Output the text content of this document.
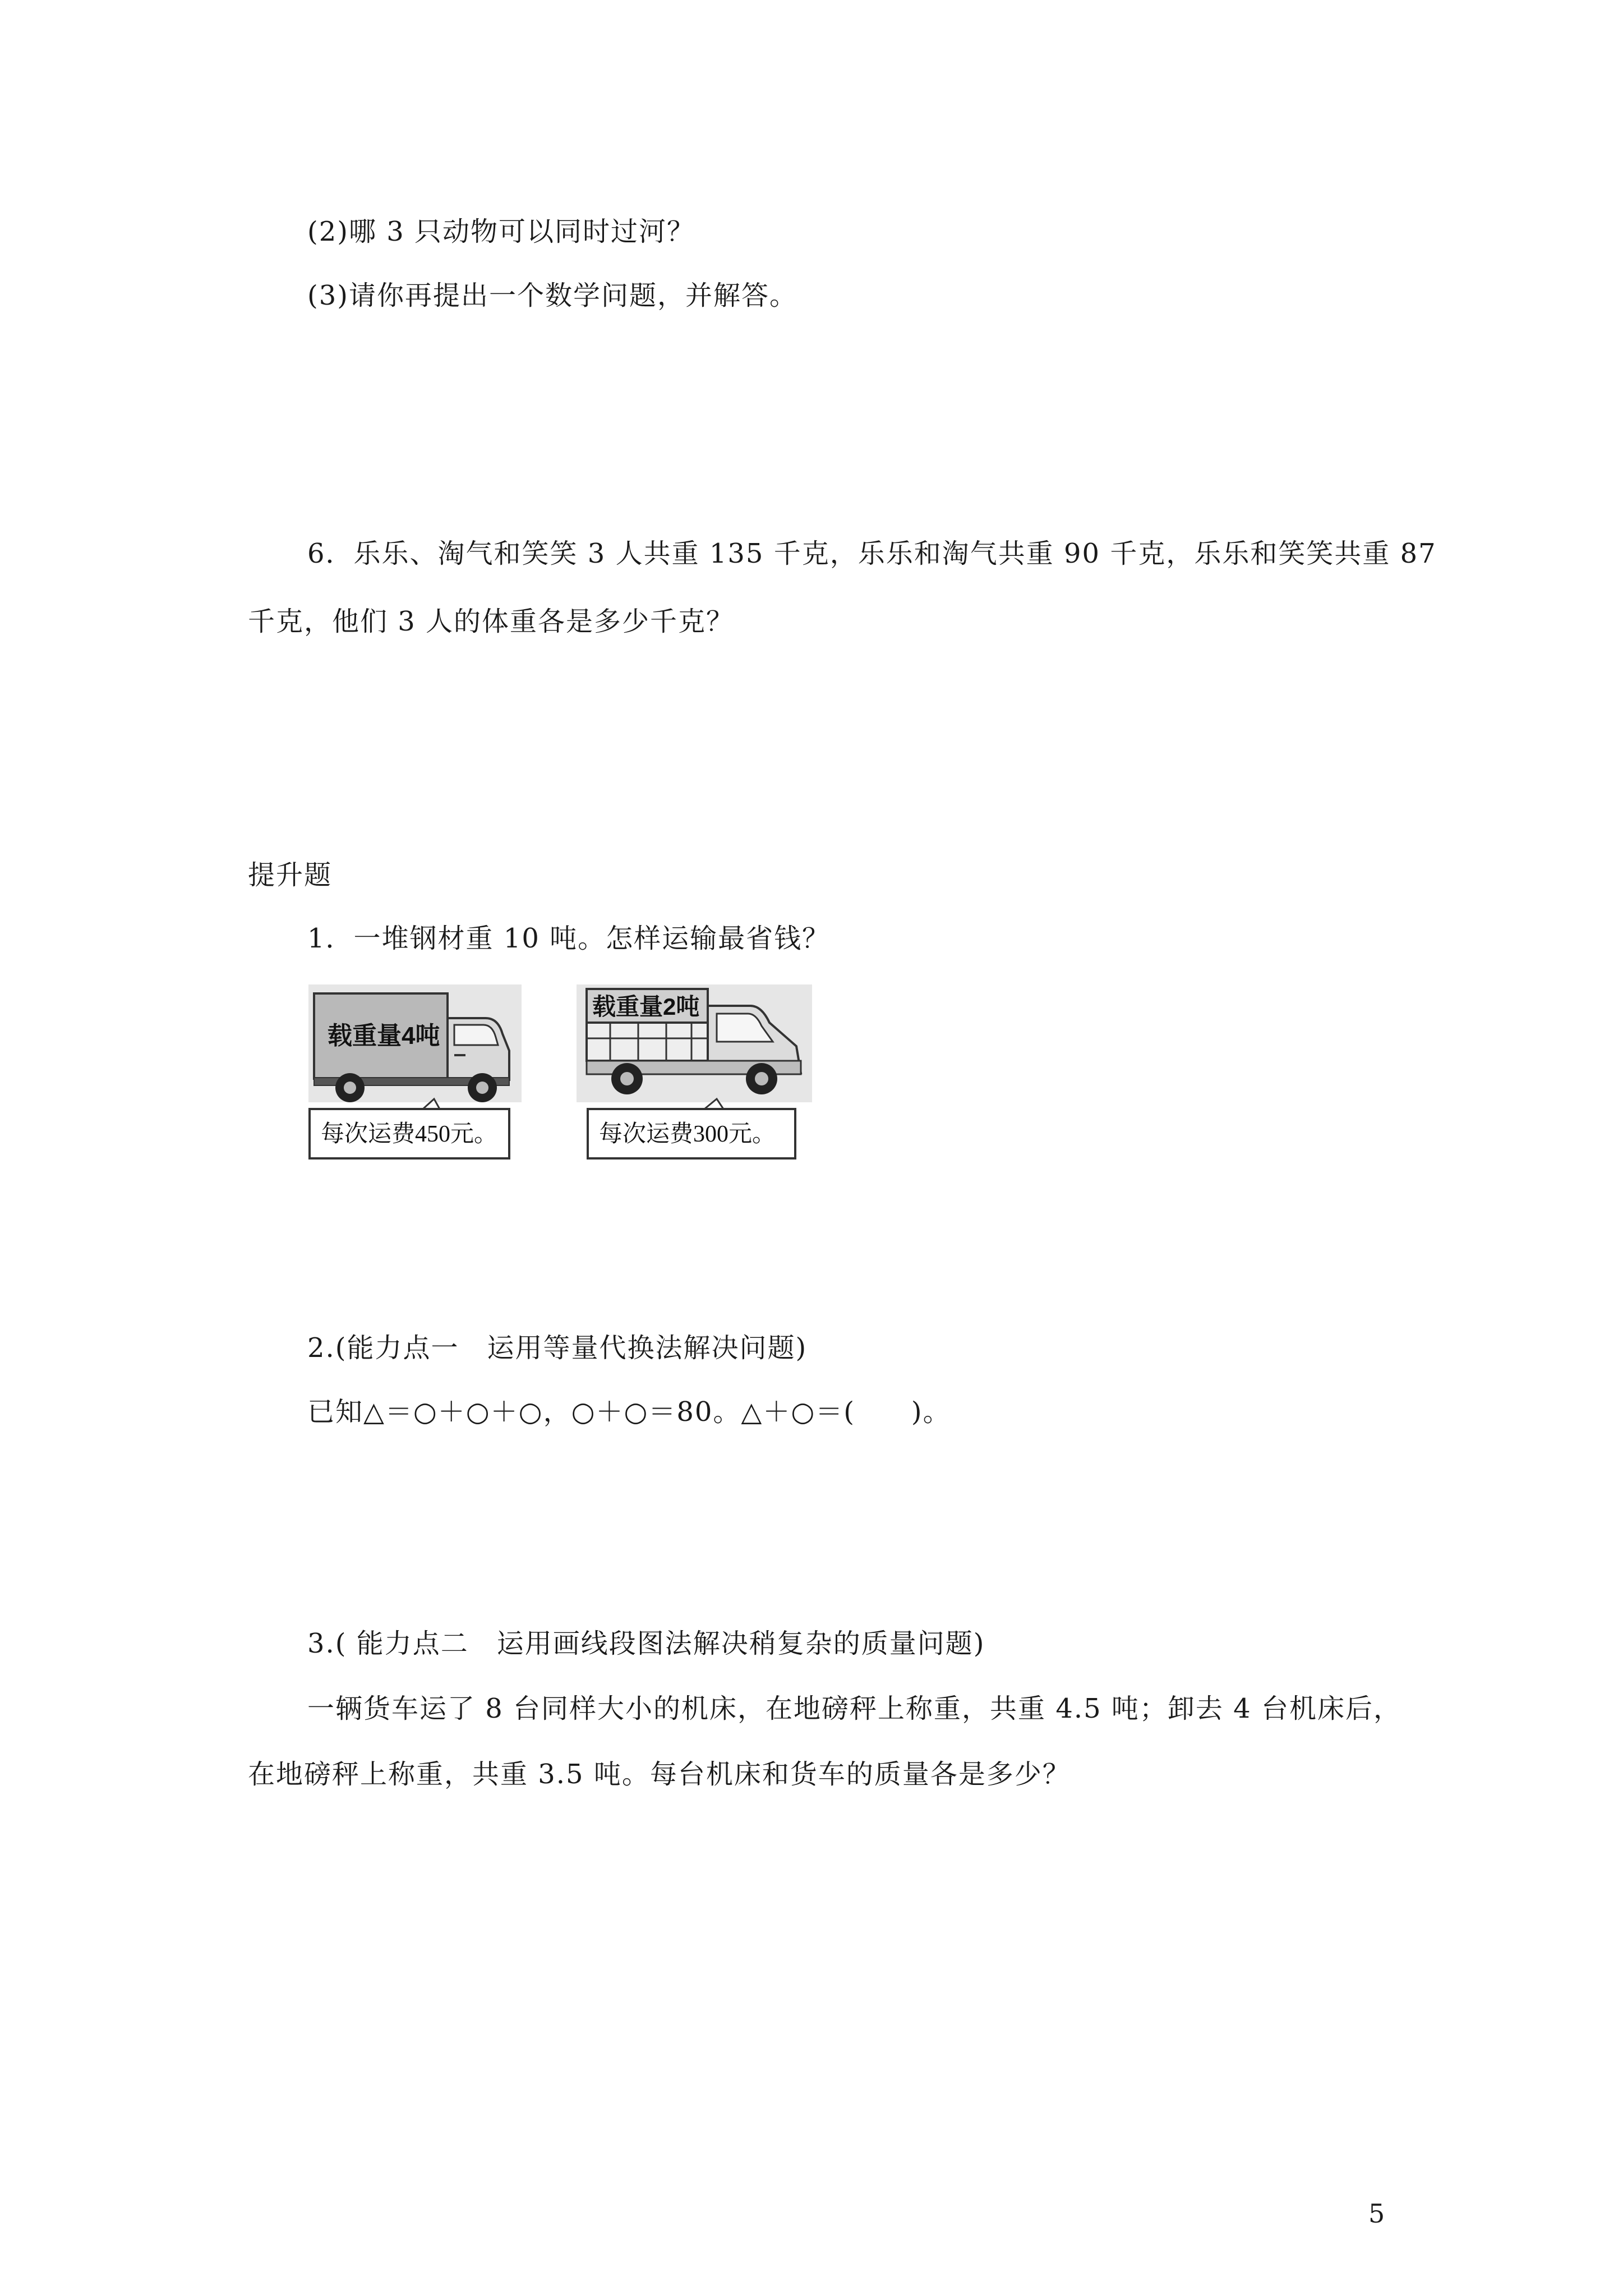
(2)哪 3 只动物可以同时过河？
(3)请你再提出一个数学问题，并解答。
6．乐乐、淘气和笑笑 3 人共重 135 千克，乐乐和淘气共重 90 千克，乐乐和笑笑共重 87
千克，他们 3 人的体重各是多少千克？
提升题
1．一堆钢材重 10 吨。怎样运输最省钱？
载重量4吨
每次运费450元。
载重量2吨
每次运费300元。
2.(能力点一　运用等量代换法解决问题)
已知△＝○＋○＋○，○＋○＝80。△＋○＝(　　)。
3.( 能力点二　运用画线段图法解决稍复杂的质量问题)
一辆货车运了 8 台同样大小的机床，在地磅秤上称重，共重 4.5 吨；卸去 4 台机床后，
在地磅秤上称重，共重 3.5 吨。每台机床和货车的质量各是多少？
5
